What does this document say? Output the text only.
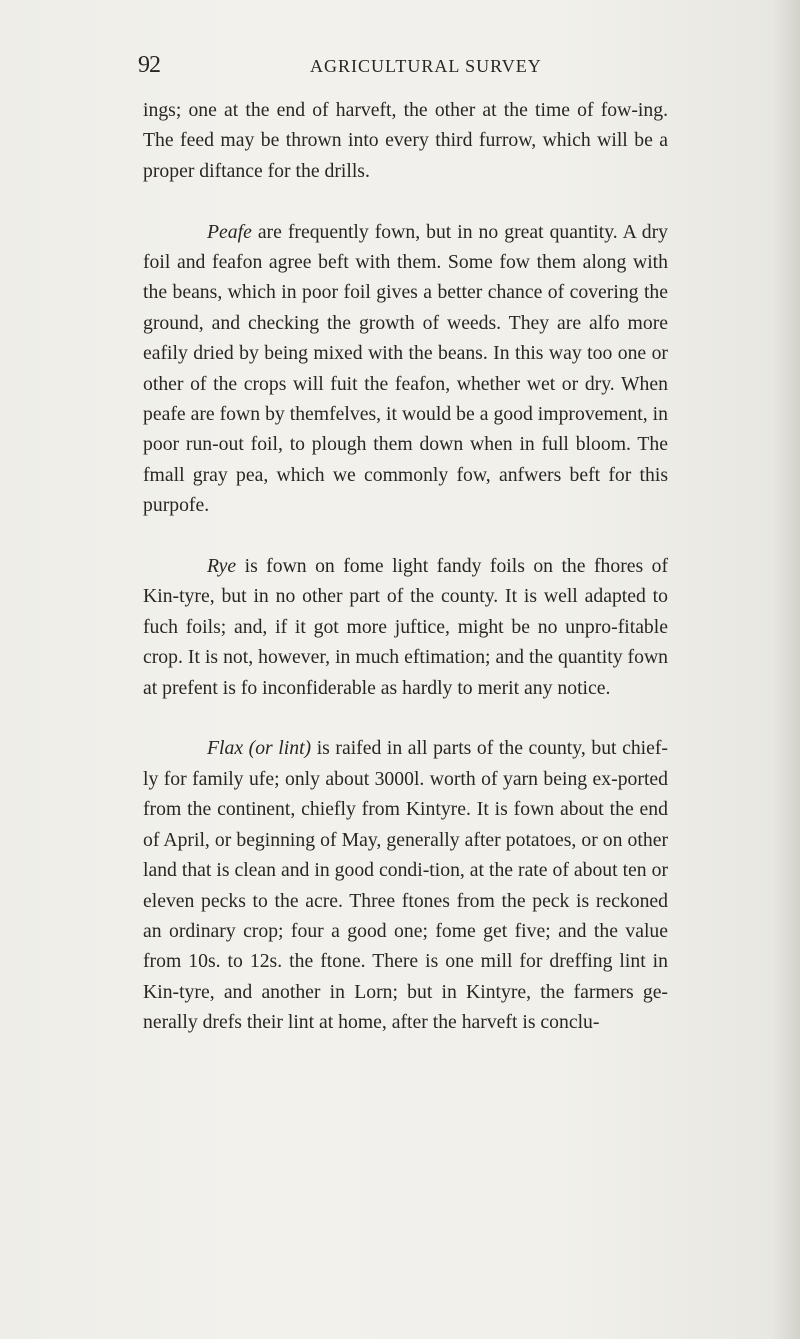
92	AGRICULTURAL SURVEY

ings; one at the end of harveft, the other at the time of fow-ing. The feed may be thrown into every third furrow, which will be a proper diftance for the drills.

Peafe are frequently fown, but in no great quantity. A dry foil and feafon agree beft with them. Some fow them along with the beans, which in poor foil gives a better chance of covering the ground, and checking the growth of weeds. They are alfo more eafily dried by being mixed with the beans. In this way too one or other of the crops will fuit the feafon, whether wet or dry. When peafe are fown by themfelves, it would be a good improvement, in poor run-out foil, to plough them down when in full bloom. The fmall gray pea, which we commonly fow, anfwers beft for this purpofe.

Rye is fown on fome light fandy foils on the fhores of Kin-tyre, but in no other part of the county. It is well adapted to fuch foils; and, if it got more juftice, might be no unpro-fitable crop. It is not, however, in much eftimation; and the quantity fown at prefent is fo inconfiderable as hardly to merit any notice.

Flax (or lint) is raifed in all parts of the county, but chief-ly for family ufe; only about 3000l. worth of yarn being ex-ported from the continent, chiefly from Kintyre. It is fown about the end of April, or beginning of May, generally after potatoes, or on other land that is clean and in good condi-tion, at the rate of about ten or eleven pecks to the acre. Three ftones from the peck is reckoned an ordinary crop; four a good one; fome get five; and the value from 10s. to 12s. the ftone. There is one mill for dreffing lint in Kin-tyre, and another in Lorn; but in Kintyre, the farmers ge-nerally drefs their lint at home, after the harveft is conclu-
